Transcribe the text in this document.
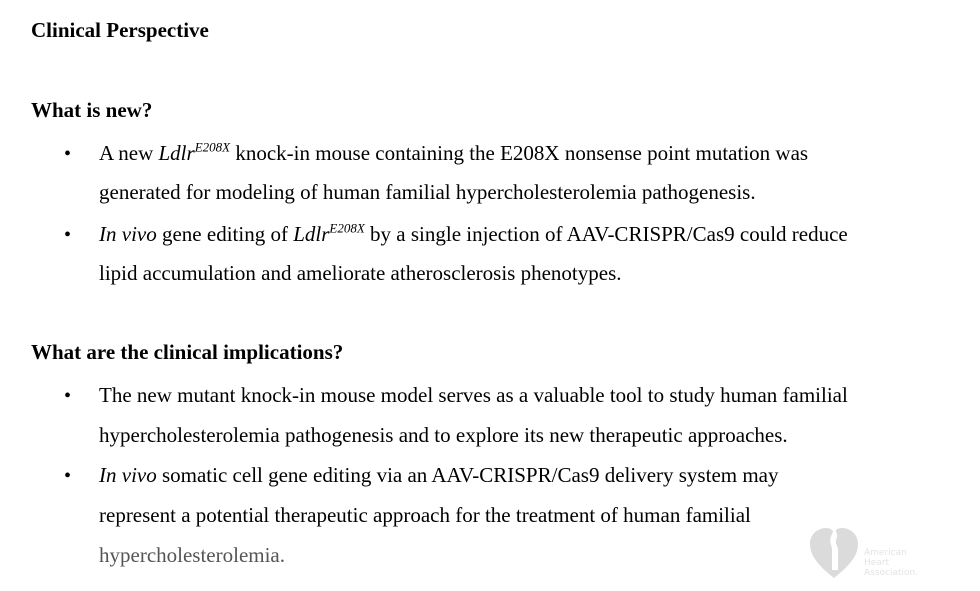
Clinical Perspective
What is new?
• A new Ldlr$^{E208X}$ knock-in mouse containing the E208X nonsense point mutation was
generated for modeling of human familial hypercholesterolemia pathogenesis.
• In vivo gene editing of Ldlr$^{E208X}$ by a single injection of AAV-CRISPR/Cas9 could reduce
lipid accumulation and ameliorate atherosclerosis phenotypes.
What are the clinical implications?
• The new mutant knock-in mouse model serves as a valuable tool to study human familial
hypercholesterolemia pathogenesis and to explore its new therapeutic approaches.
• In vivo somatic cell gene editing via an AAV-CRISPR/Cas9 delivery system may
represent a potential therapeutic approach for the treatment of human familial
hypercholesterolemia.	American
Heart
Association.
